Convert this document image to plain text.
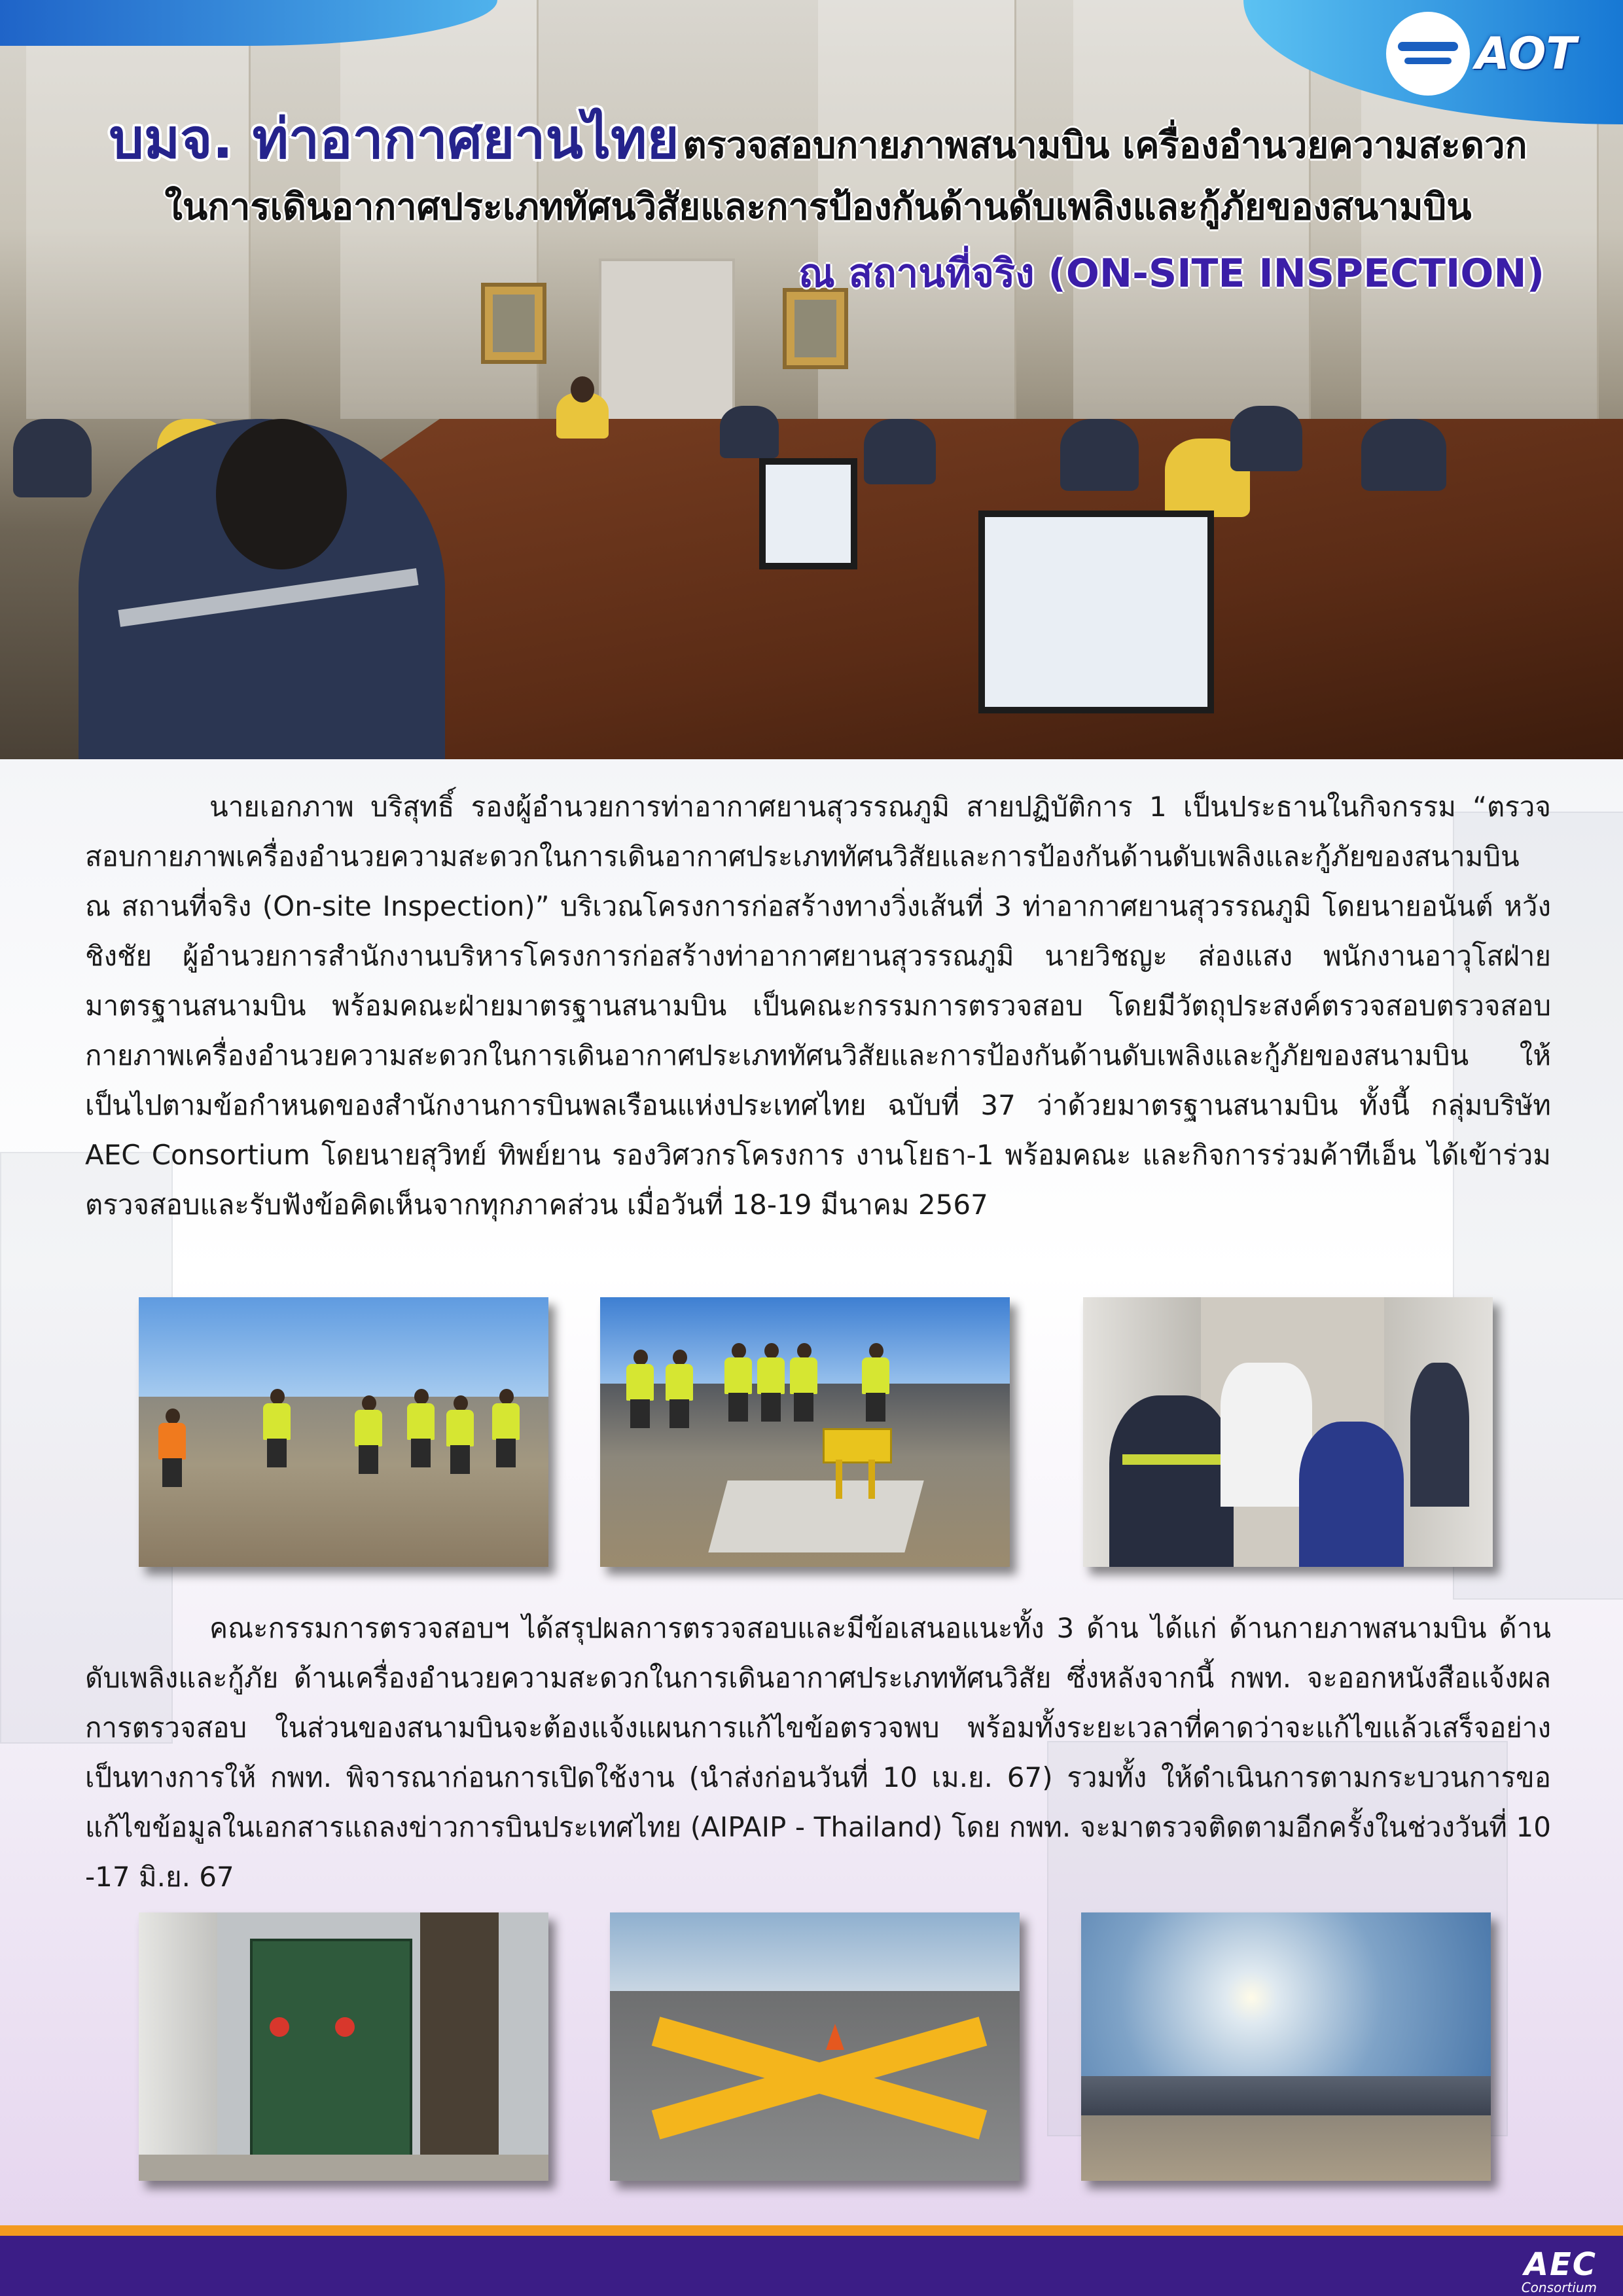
AOT
บมจ. ท่าอากาศยานไทย ตรวจสอบกายภาพสนามบิน เครื่องอำนวยความสะดวก
ในการเดินอากาศประเภททัศนวิสัยและการป้องกันด้านดับเพลิงและกู้ภัยของสนามบิน
ณ สถานที่จริง (ON-SITE INSPECTION)
นายเอกภาพ บริสุทธิ์ รองผู้อำนวยการท่าอากาศยานสุวรรณภูมิ สายปฏิบัติการ 1 เป็นประธานในกิจกรรม “ตรวจสอบกายภาพเครื่องอำนวยความสะดวกในการเดินอากาศประเภททัศนวิสัยและการป้องกันด้านดับเพลิงและกู้ภัยของสนามบิน ณ สถานที่จริง (On-site Inspection)” บริเวณโครงการก่อสร้างทางวิ่งเส้นที่ 3 ท่าอากาศยานสุวรรณภูมิ โดยนายอนันต์ หวังชิงชัย ผู้อำนวยการสำนักงานบริหารโครงการก่อสร้างท่าอากาศยานสุวรรณภูมิ นายวิชญะ ส่องแสง พนักงานอาวุโสฝ่ายมาตรฐานสนามบิน พร้อมคณะฝ่ายมาตรฐานสนามบิน เป็นคณะกรรมการตรวจสอบ โดยมีวัตถุประสงค์ตรวจสอบตรวจสอบกายภาพเครื่องอำนวยความสะดวกในการเดินอากาศประเภททัศนวิสัยและการป้องกันด้านดับเพลิงและกู้ภัยของสนามบิน ให้เป็นไปตามข้อกำหนดของสำนักงานการบินพลเรือนแห่งประเทศไทย ฉบับที่ 37 ว่าด้วยมาตรฐานสนามบิน ทั้งนี้ กลุ่มบริษัท AEC Consortium โดยนายสุวิทย์ ทิพย์ยาน รองวิศวกรโครงการ งานโยธา-1 พร้อมคณะ และกิจการร่วมค้าทีเอ็น ได้เข้าร่วมตรวจสอบและรับฟังข้อคิดเห็นจากทุกภาคส่วน เมื่อวันที่ 18-19 มีนาคม 2567
คณะกรรมการตรวจสอบฯ ได้สรุปผลการตรวจสอบและมีข้อเสนอแนะทั้ง 3 ด้าน ได้แก่ ด้านกายภาพสนามบิน ด้านดับเพลิงและกู้ภัย ด้านเครื่องอำนวยความสะดวกในการเดินอากาศประเภททัศนวิสัย ซึ่งหลังจากนี้ กพท. จะออกหนังสือแจ้งผลการตรวจสอบ ในส่วนของสนามบินจะต้องแจ้งแผนการแก้ไขข้อตรวจพบ พร้อมทั้งระยะเวลาที่คาดว่าจะแก้ไขแล้วเสร็จอย่างเป็นทางการให้ กพท. พิจารณาก่อนการเปิดใช้งาน (นำส่งก่อนวันที่ 10 เม.ย. 67) รวมทั้ง ให้ดำเนินการตามกระบวนการขอแก้ไขข้อมูลในเอกสารแถลงข่าวการบินประเทศไทย (AIPAIP - Thailand) โดย กพท. จะมาตรวจติดตามอีกครั้งในช่วงวันที่ 10 -17 มิ.ย. 67
AEC
Consortium
